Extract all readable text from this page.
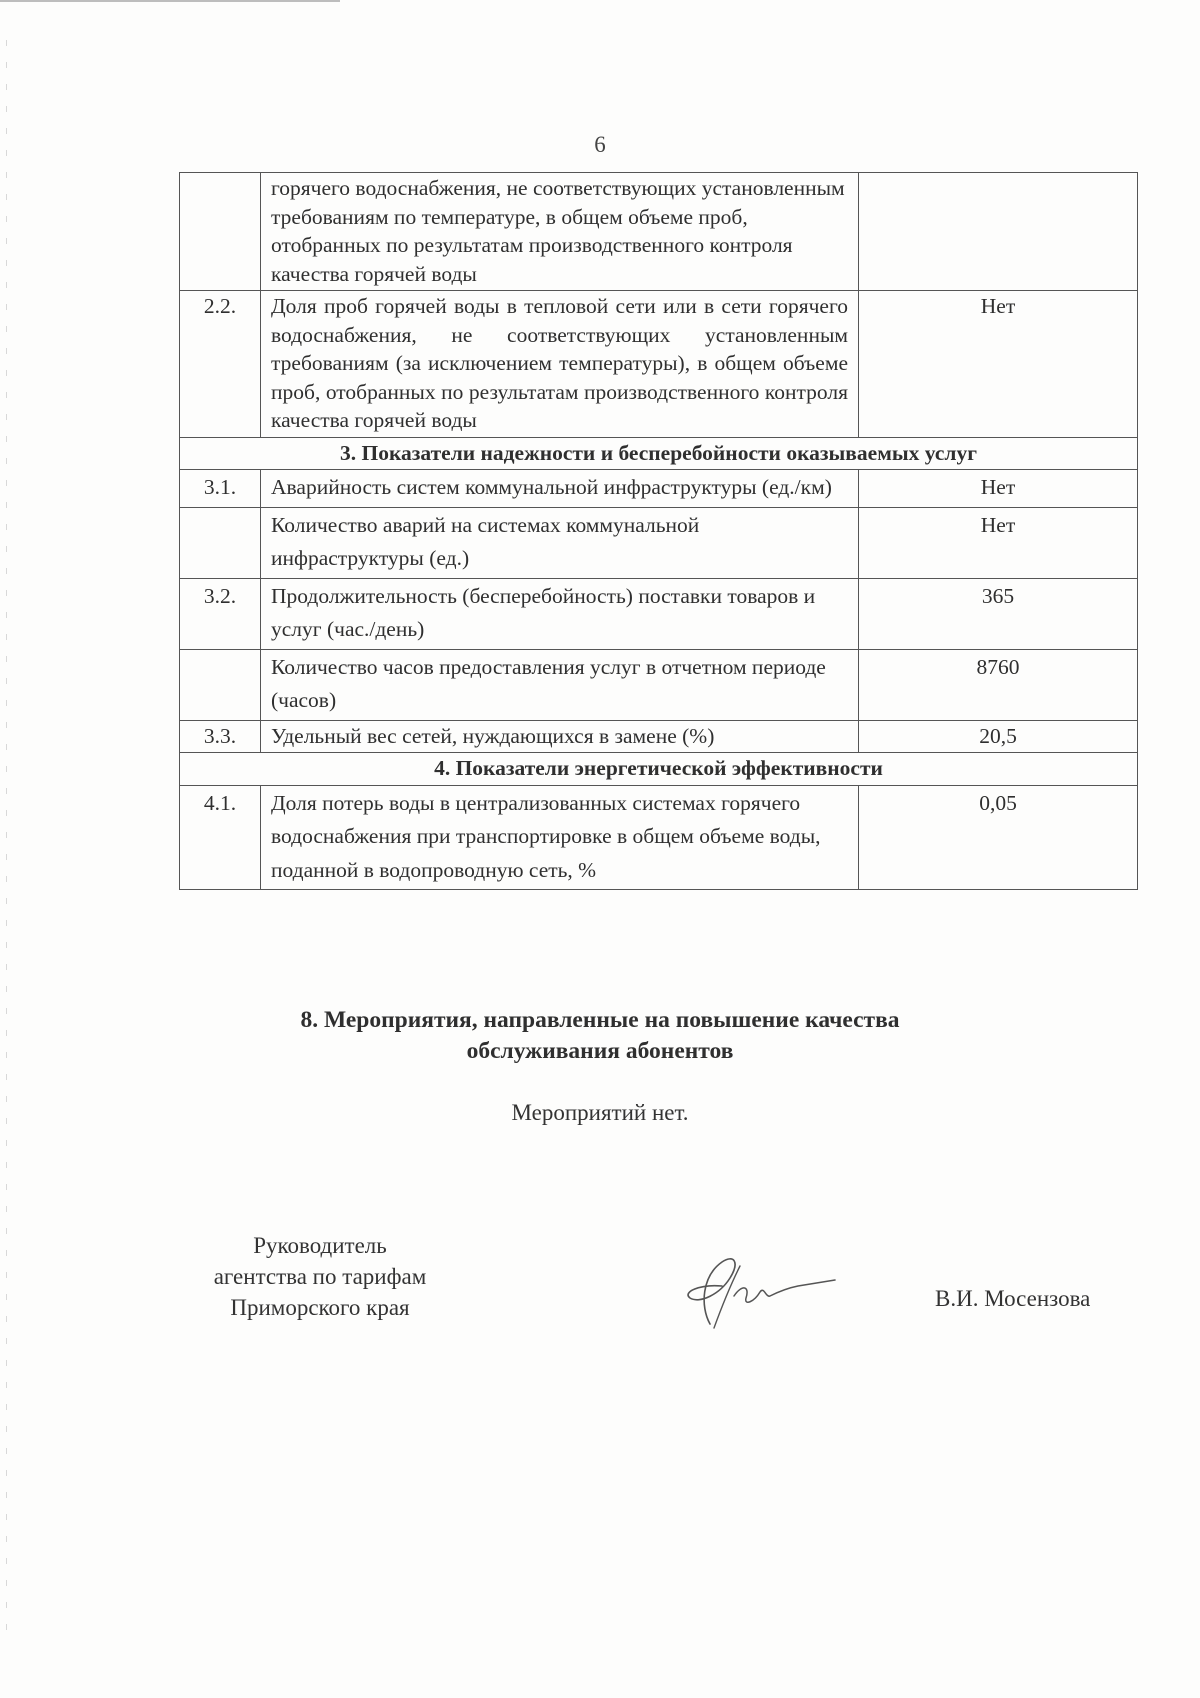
6
	горячего водоснабжения, не соответствующих установленным требованиям по температуре, в общем объеме проб, отобранных по результатам производственного контроля качества горячей воды	
2.2.	Доля проб горячей воды в тепловой сети или в сети горячего водоснабжения, не соответствующих установленным требованиям (за исключением температуры), в общем объеме проб, отобранных по результатам производственного контроля качества горячей воды	Нет
3. Показатели надежности и бесперебойности оказываемых услуг		
3.1.	Аварийность систем коммунальной инфраструктуры (ед./км)	Нет
	Количество аварий на системах коммунальной инфраструктуры (ед.)	Нет
3.2.	Продолжительность (бесперебойность) поставки товаров и услуг (час./день)	365
	Количество часов предоставления услуг в отчетном периоде (часов)	8760
3.3.	Удельный вес сетей, нуждающихся в замене (%)	20,5
4. Показатели энергетической эффективности		
4.1.	Доля потерь воды в централизованных системах горячего водоснабжения при транспортировке в общем объеме воды, поданной в водопроводную сеть, %	0,05
8. Мероприятия, направленные на повышение качества
обслуживания абонентов
Мероприятий нет.
Руководитель
агентства по тарифам
Приморского края	В.И. Мосензова
